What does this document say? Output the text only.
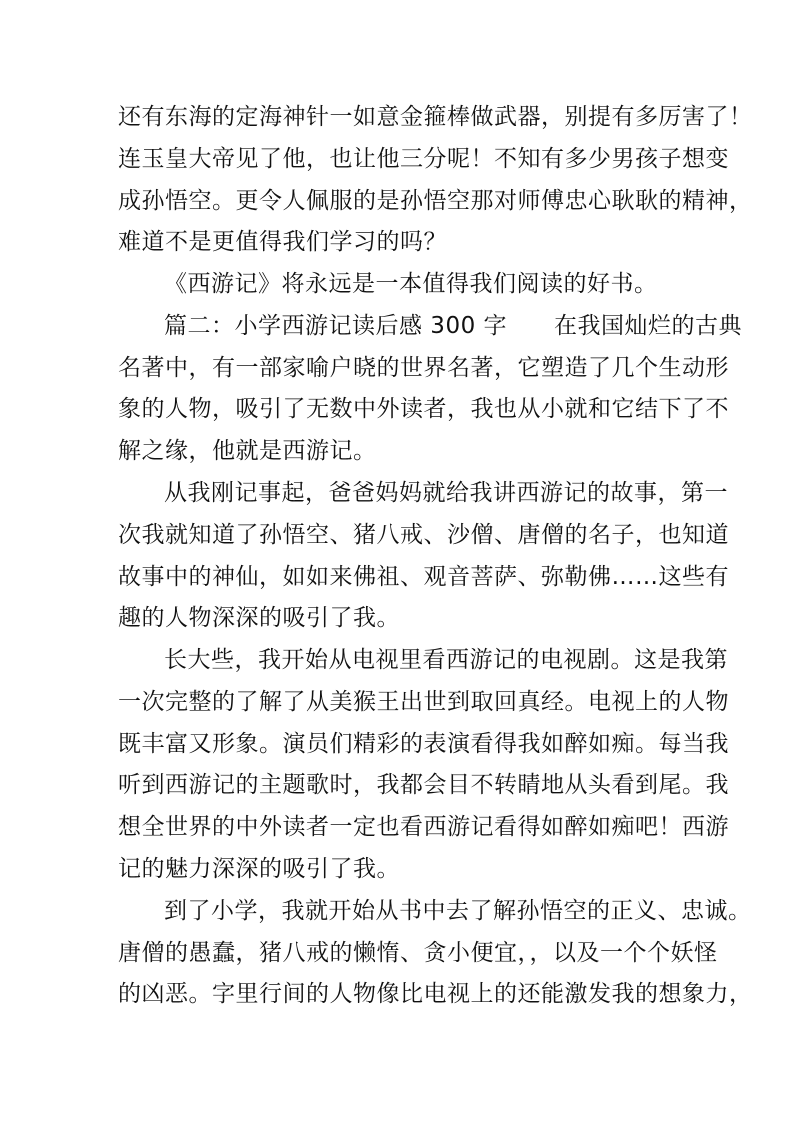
还有东海的定海神针一如意金箍棒做武器，别提有多厉害了！

连玉皇大帝见了他，也让他三分呢！不知有多少男孩子想变

成孙悟空。更令人佩服的是孙悟空那对师傅忠心耿耿的精神，

难道不是更值得我们学习的吗？

《西游记》将永远是一本值得我们阅读的好书。

篇二：小学西游记读后感 300 字　　在我国灿烂的古典

名著中，有一部家喻户晓的世界名著，它塑造了几个生动形

象的人物，吸引了无数中外读者，我也从小就和它结下了不

解之缘，他就是西游记。

从我刚记事起，爸爸妈妈就给我讲西游记的故事，第一

次我就知道了孙悟空、猪八戒、沙僧、唐僧的名子，也知道

故事中的神仙，如如来佛祖、观音菩萨、弥勒佛……这些有

趣的人物深深的吸引了我。

长大些，我开始从电视里看西游记的电视剧。这是我第

一次完整的了解了从美猴王出世到取回真经。电视上的人物

既丰富又形象。演员们精彩的表演看得我如醉如痴。每当我

听到西游记的主题歌时，我都会目不转睛地从头看到尾。我

想全世界的中外读者一定也看西游记看得如醉如痴吧！西游

记的魅力深深的吸引了我。

到了小学，我就开始从书中去了解孙悟空的正义、忠诚。

唐僧的愚蠢，猪八戒的懒惰、贪小便宜，，以及一个个妖怪

的凶恶。字里行间的人物像比电视上的还能激发我的想象力，
